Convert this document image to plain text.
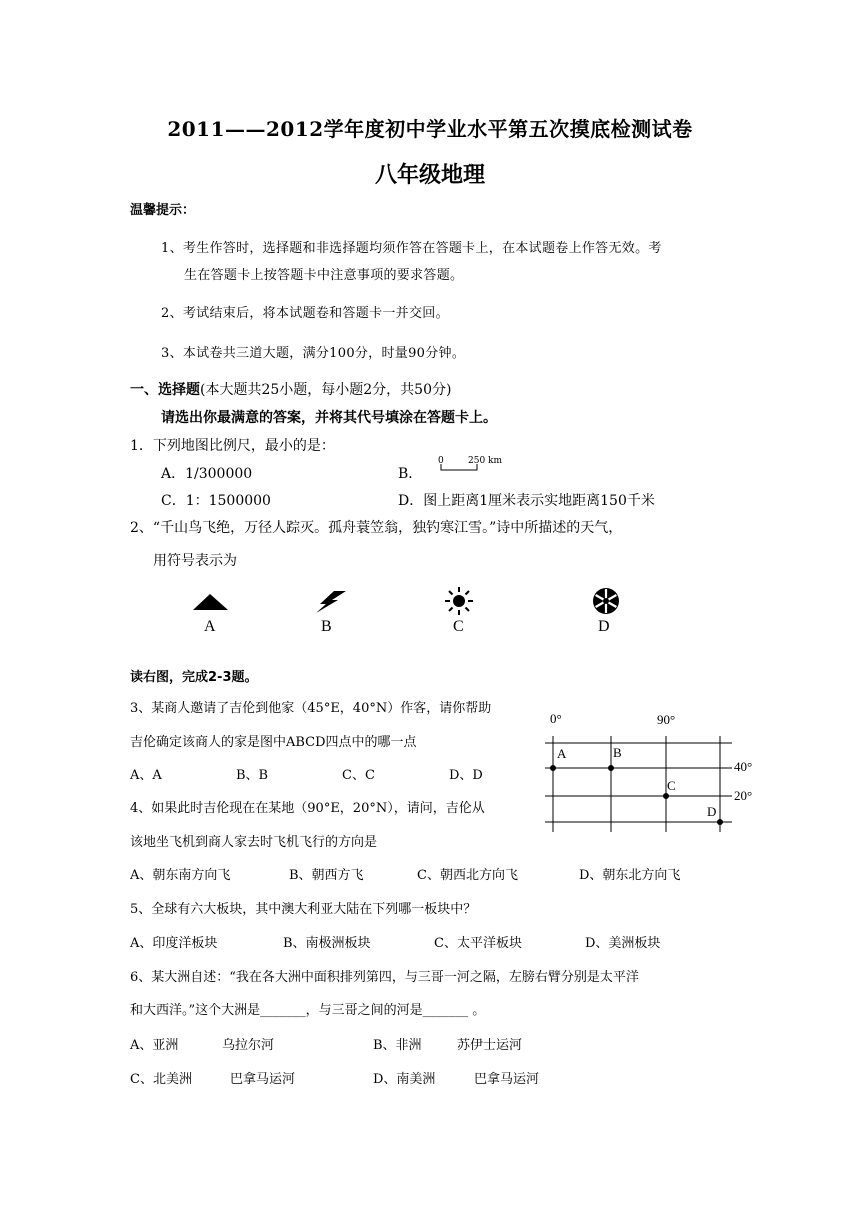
2011——2012学年度初中学业水平第五次摸底检测试卷
八年级地理
温馨提示：
1、考生作答时，选择题和非选择题均须作答在答题卡上，在本试题卷上作答无效。考
生在答题卡上按答题卡中注意事项的要求答题。
2、考试结束后，将本试题卷和答题卡一并交回。
3、本试卷共三道大题，满分100分，时量90分钟。
一、选择题(本大题共25小题，每小题2分，共50分)
请选出你最满意的答案，并将其代号填涂在答题卡上。
1．下列地图比例尺，最小的是：
A．1/300000	B．
0	250 km
C．1：1500000	D．图上距离1厘米表示实地距离150千米
2、“千山鸟飞绝，万径人踪灭。孤舟蓑笠翁，独钓寒江雪。”诗中所描述的天气，
用符号表示为
A	B	C	D
读右图，完成2-3题。
3、某商人邀请了吉伦到他家（45°E，40°N）作客，请你帮助
吉伦确定该商人的家是图中ABCD四点中的哪一点
A、A	B、B	C、C	D、D
4、如果此时吉伦现在在某地（90°E，20°N），请问，吉伦从
该地坐飞机到商人家去时飞机飞行的方向是
A、朝东南方向飞	B、朝西方飞	C、朝西北方向飞	D、朝东北方向飞
5、全球有六大板块，其中澳大利亚大陆在下列哪一板块中？
A、印度洋板块	B、南极洲板块	C、太平洋板块	D、美洲板块
6、某大洲自述：“我在各大洲中面积排列第四，与三哥一河之隔，左膀右臂分别是太平洋
和大西洋。”这个大洲是_______，与三哥之间的河是_______ 。
A、亚洲	乌拉尔河	B、非洲	苏伊士运河
C、北美洲	巴拿马运河	D、南美洲	巴拿马运河
0°	90°
40°
20°
A	B
C
D
